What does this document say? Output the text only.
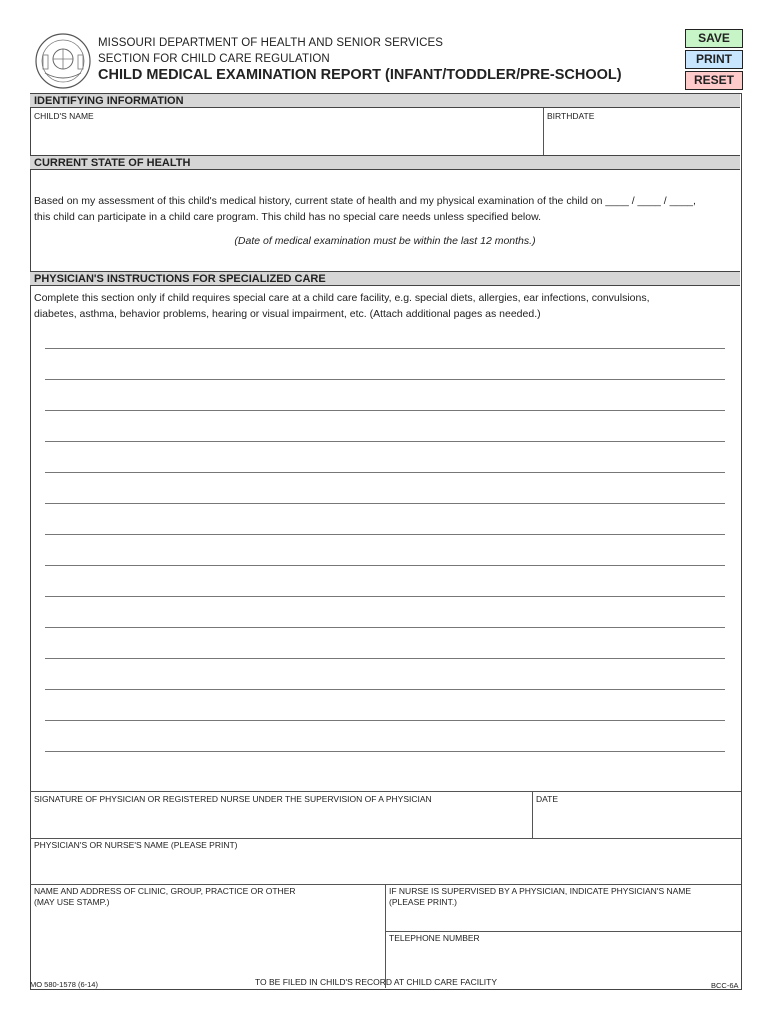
MISSOURI DEPARTMENT OF HEALTH AND SENIOR SERVICES
SECTION FOR CHILD CARE REGULATION
CHILD MEDICAL EXAMINATION REPORT (INFANT/TODDLER/PRE-SCHOOL)
SAVE
PRINT
RESET
IDENTIFYING INFORMATION
CHILD'S NAME	BIRTHDATE
CURRENT STATE OF HEALTH
Based on my assessment of this child's medical history, current state of health and my physical examination of the child on ____ / ____ / ____,
this child can participate in a child care program. This child has no special care needs unless specified below.
(Date of medical examination must be within the last 12 months.)
PHYSICIAN'S INSTRUCTIONS FOR SPECIALIZED CARE
Complete this section only if child requires special care at a child care facility, e.g. special diets, allergies, ear infections, convulsions,
diabetes, asthma, behavior problems, hearing or visual impairment, etc. (Attach additional pages as needed.)
SIGNATURE OF PHYSICIAN OR REGISTERED NURSE UNDER THE SUPERVISION OF A PHYSICIAN	DATE
PHYSICIAN'S OR NURSE'S NAME (PLEASE PRINT)
NAME AND ADDRESS OF CLINIC, GROUP, PRACTICE OR OTHER
(MAY USE STAMP.)
IF NURSE IS SUPERVISED BY A PHYSICIAN, INDICATE PHYSICIAN'S NAME
(PLEASE PRINT.)
TELEPHONE NUMBER
MO 580-1578 (6-14)	TO BE FILED IN CHILD'S RECORD AT CHILD CARE FACILITY	BCC-6A
